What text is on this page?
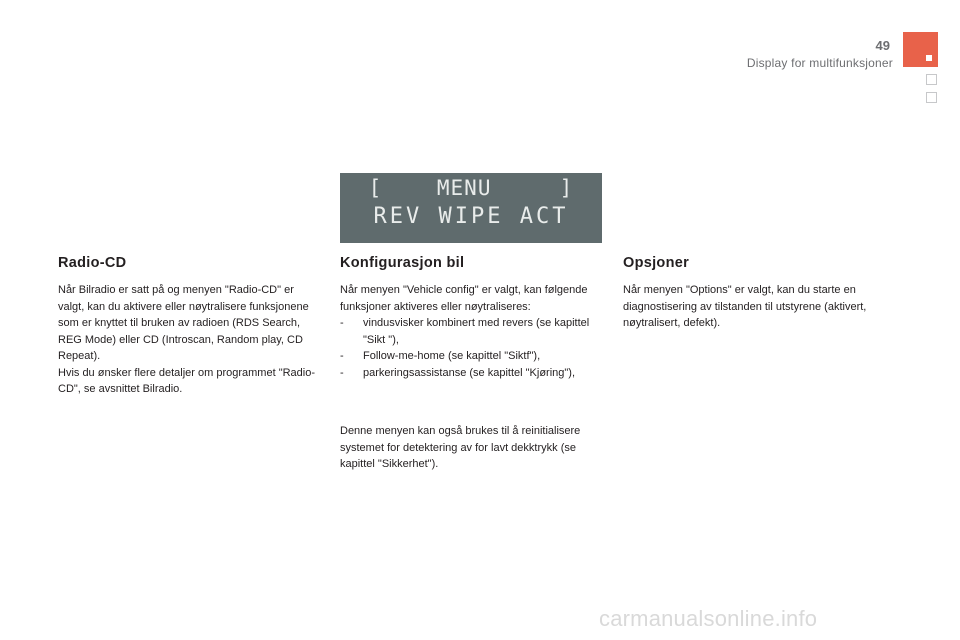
49
Display for multifunksjoner
[    MENU     ]
REV WIPE ACT
Radio-CD

Når Bilradio er satt på og menyen "Radio-CD" er valgt, kan du aktivere eller nøytralisere funksjonene som er knyttet til bruken av radioen (RDS Search, REG Mode) eller CD (Introscan, Random play, CD Repeat).

Hvis du ønsker flere detaljer om programmet "Radio-CD", se avsnittet Bilradio.

Konfigurasjon bil

Når menyen "Vehicle config" er valgt, kan følgende funksjoner aktiveres eller nøytraliseres:

- vindusvisker kombinert med revers (se kapittel "Sikt "),
- Follow-me-home (se kapittel "Siktf"),
- parkeringsassistanse (se kapittel "Kjøring"),

Denne menyen kan også brukes til å reinitialisere systemet for detektering av for lavt dekktrykk (se kapittel "Sikkerhet").

Opsjoner

Når menyen "Options" er valgt, kan du starte en diagnostisering av tilstanden til utstyrene (aktivert, nøytralisert, defekt).

carmanualsonline.info
